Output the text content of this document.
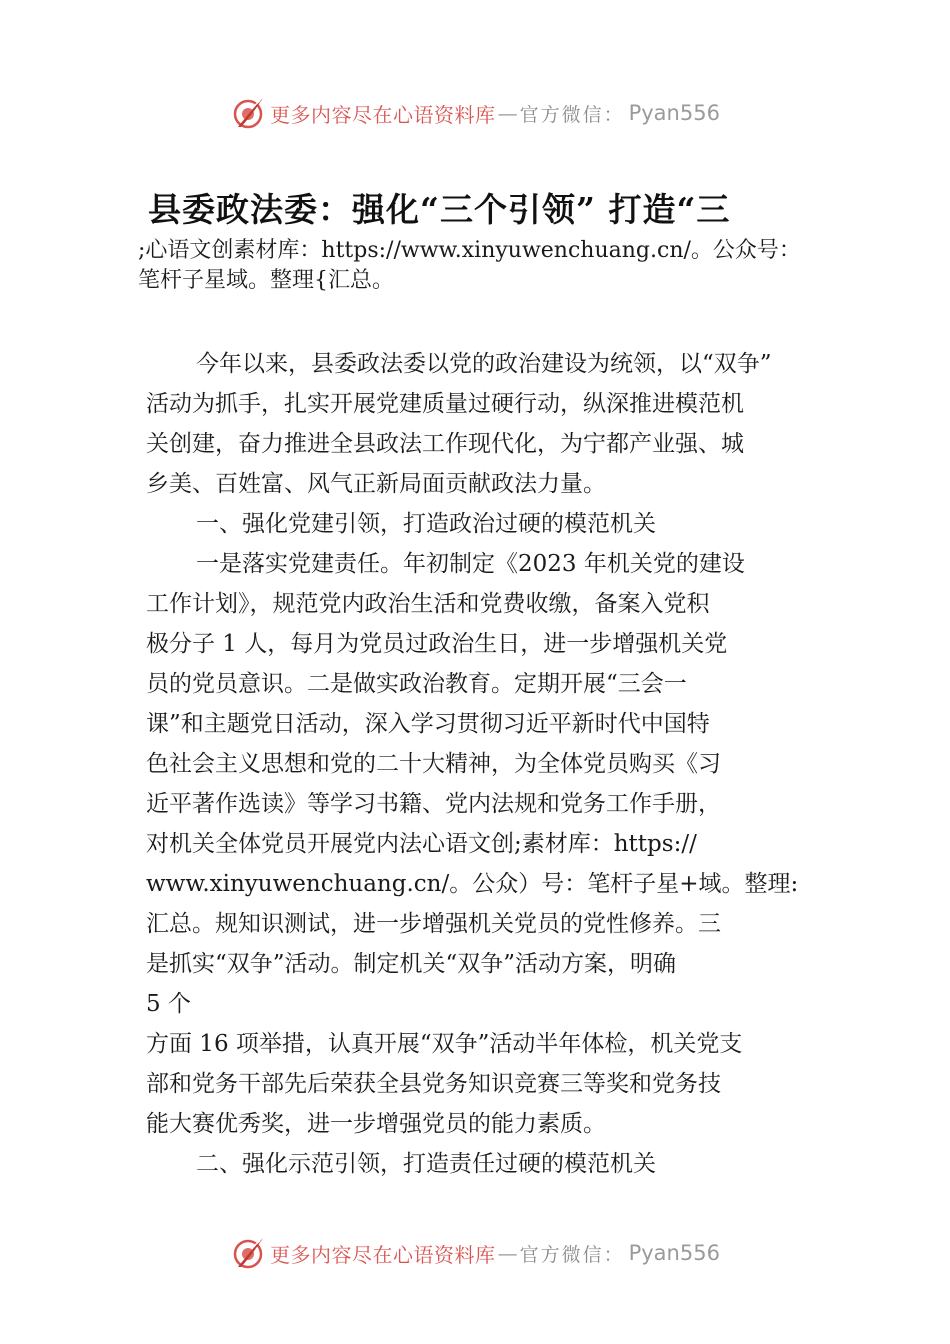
更多内容尽在心语资料库 — 官方微信： Pyan556
县委政法委：强化“三个引领” 打造“三
;心语文创素材库：https://www.xinyuwenchuang.cn/。公众号：
笔杆子星域。整理{汇总。
今年以来，县委政法委以党的政治建设为统领，以“双争”
活动为抓手，扎实开展党建质量过硬行动，纵深推进模范机
关创建，奋力推进全县政法工作现代化，为宁都产业强、城
乡美、百姓富、风气正新局面贡献政法力量。
一、强化党建引领，打造政治过硬的模范机关
一是落实党建责任。年初制定《2023 年机关党的建设
工作计划》，规范党内政治生活和党费收缴，备案入党积
极分子 1 人，每月为党员过政治生日，进一步增强机关党
员的党员意识。二是做实政治教育。定期开展“三会一
课”和主题党日活动，深入学习贯彻习近平新时代中国特
色社会主义思想和党的二十大精神，为全体党员购买《习
近平著作选读》等学习书籍、党内法规和党务工作手册，
对机关全体党员开展党内法心语文创;素材库：https://
www.xinyuwenchuang.cn/。公众）号：笔杆子星+域。整理:
汇总。规知识测试，进一步增强机关党员的党性修养。三
是抓实“双争”活动。制定机关“双争”活动方案，明确
5 个
方面 16 项举措，认真开展“双争”活动半年体检，机关党支
部和党务干部先后荣获全县党务知识竞赛三等奖和党务技
能大赛优秀奖，进一步增强党员的能力素质。
二、强化示范引领，打造责任过硬的模范机关
更多内容尽在心语资料库 — 官方微信： Pyan556
